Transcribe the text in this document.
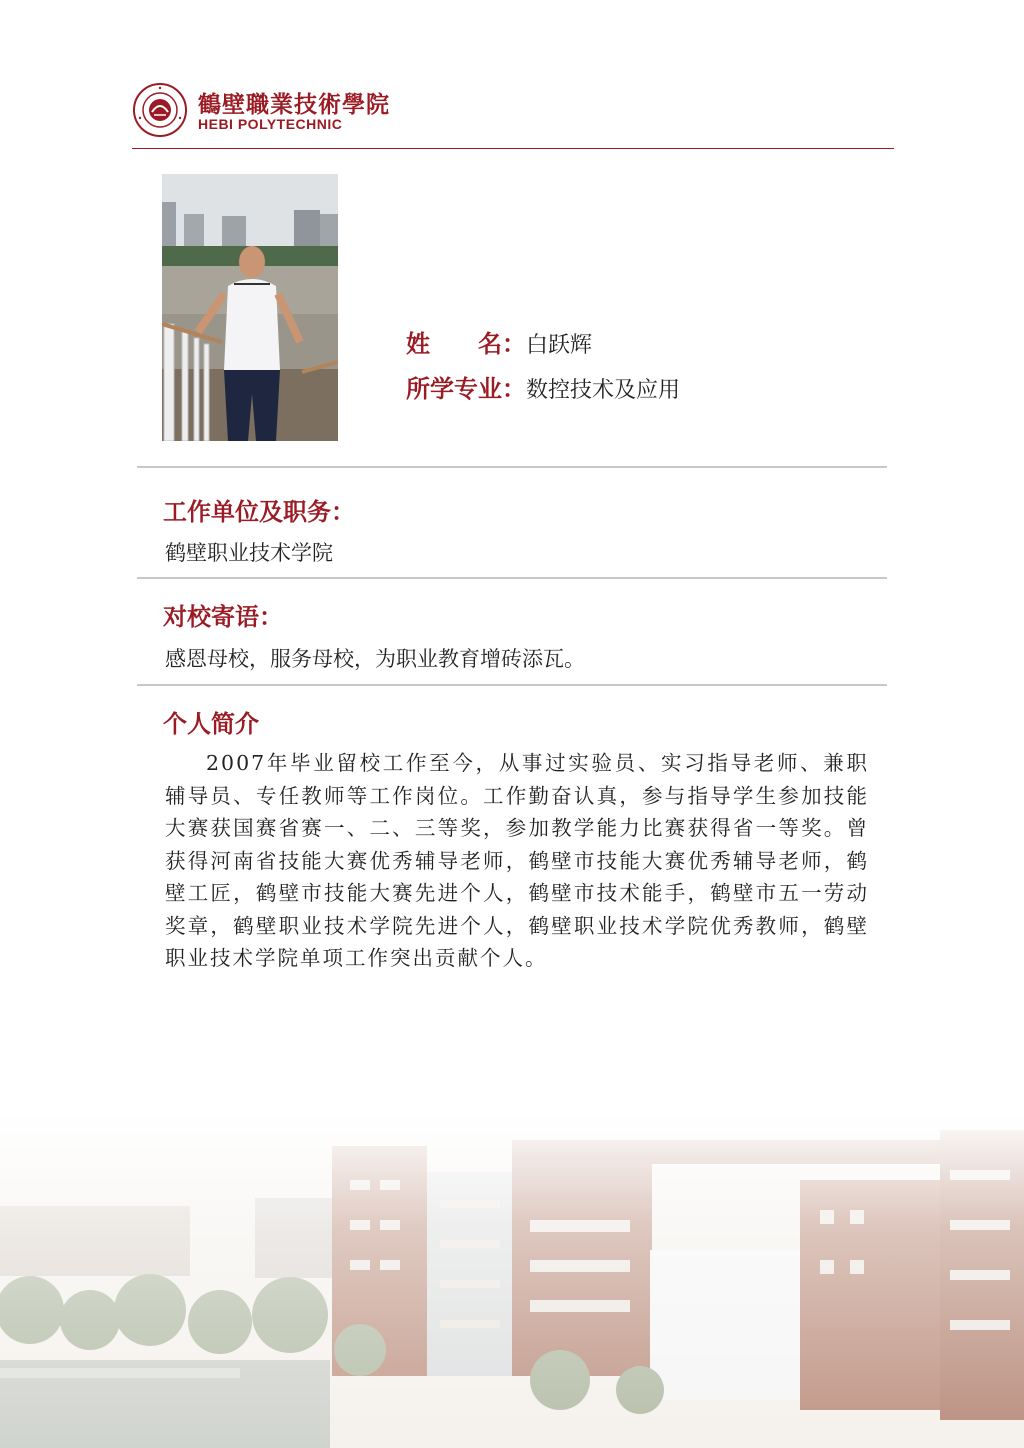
鶴壁職業技術學院
HEBI POLYTECHNIC
姓　　名：白跃辉
所学专业：数控技术及应用
工作单位及职务：
鹤壁职业技术学院
对校寄语：
感恩母校，服务母校，为职业教育增砖添瓦。
个人简介
2007年毕业留校工作至今，从事过实验员、实习指导老师、兼职辅导员、专任教师等工作岗位。工作勤奋认真，参与指导学生参加技能大赛获国赛省赛一、二、三等奖，参加教学能力比赛获得省一等奖。曾获得河南省技能大赛优秀辅导老师，鹤壁市技能大赛优秀辅导老师，鹤壁工匠，鹤壁市技能大赛先进个人，鹤壁市技术能手，鹤壁市五一劳动奖章，鹤壁职业技术学院先进个人，鹤壁职业技术学院优秀教师，鹤壁职业技术学院单项工作突出贡献个人。
